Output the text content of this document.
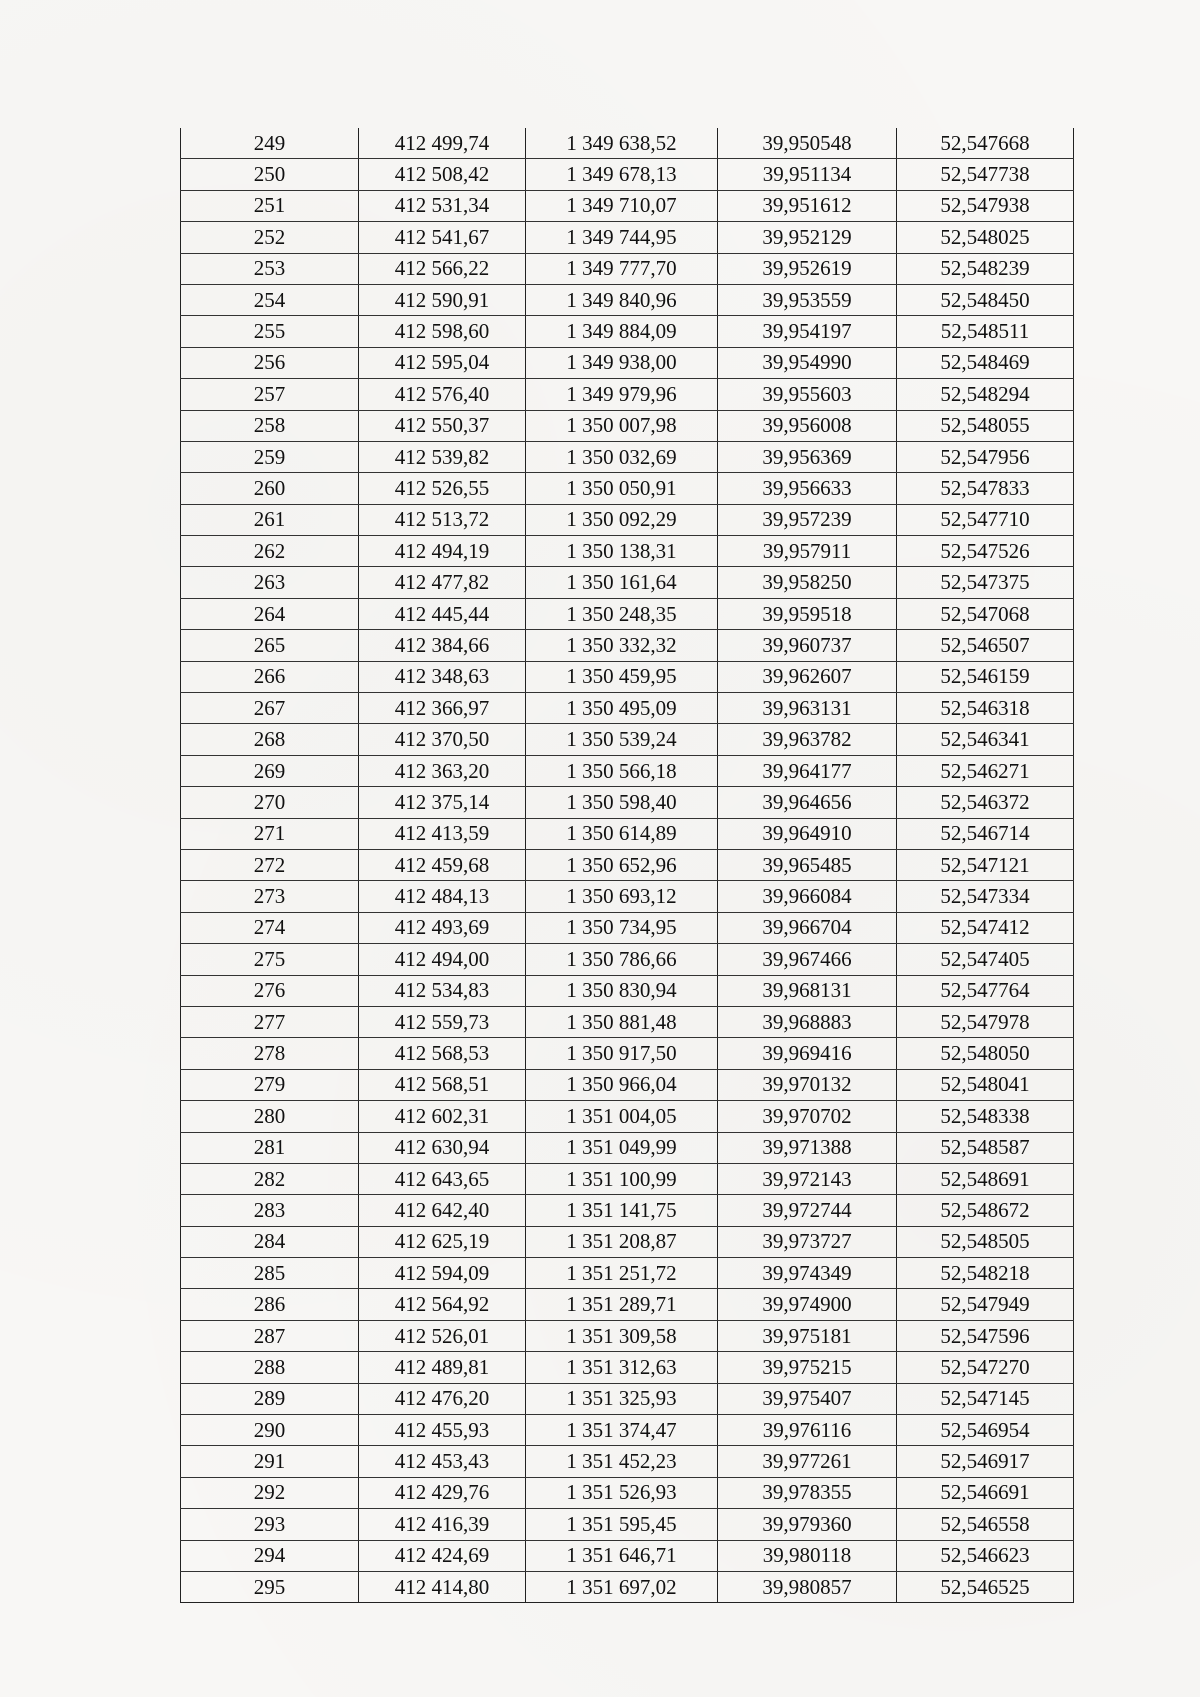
249	412 499,74	1 349 638,52	39,950548	52,547668
250	412 508,42	1 349 678,13	39,951134	52,547738
251	412 531,34	1 349 710,07	39,951612	52,547938
252	412 541,67	1 349 744,95	39,952129	52,548025
253	412 566,22	1 349 777,70	39,952619	52,548239
254	412 590,91	1 349 840,96	39,953559	52,548450
255	412 598,60	1 349 884,09	39,954197	52,548511
256	412 595,04	1 349 938,00	39,954990	52,548469
257	412 576,40	1 349 979,96	39,955603	52,548294
258	412 550,37	1 350 007,98	39,956008	52,548055
259	412 539,82	1 350 032,69	39,956369	52,547956
260	412 526,55	1 350 050,91	39,956633	52,547833
261	412 513,72	1 350 092,29	39,957239	52,547710
262	412 494,19	1 350 138,31	39,957911	52,547526
263	412 477,82	1 350 161,64	39,958250	52,547375
264	412 445,44	1 350 248,35	39,959518	52,547068
265	412 384,66	1 350 332,32	39,960737	52,546507
266	412 348,63	1 350 459,95	39,962607	52,546159
267	412 366,97	1 350 495,09	39,963131	52,546318
268	412 370,50	1 350 539,24	39,963782	52,546341
269	412 363,20	1 350 566,18	39,964177	52,546271
270	412 375,14	1 350 598,40	39,964656	52,546372
271	412 413,59	1 350 614,89	39,964910	52,546714
272	412 459,68	1 350 652,96	39,965485	52,547121
273	412 484,13	1 350 693,12	39,966084	52,547334
274	412 493,69	1 350 734,95	39,966704	52,547412
275	412 494,00	1 350 786,66	39,967466	52,547405
276	412 534,83	1 350 830,94	39,968131	52,547764
277	412 559,73	1 350 881,48	39,968883	52,547978
278	412 568,53	1 350 917,50	39,969416	52,548050
279	412 568,51	1 350 966,04	39,970132	52,548041
280	412 602,31	1 351 004,05	39,970702	52,548338
281	412 630,94	1 351 049,99	39,971388	52,548587
282	412 643,65	1 351 100,99	39,972143	52,548691
283	412 642,40	1 351 141,75	39,972744	52,548672
284	412 625,19	1 351 208,87	39,973727	52,548505
285	412 594,09	1 351 251,72	39,974349	52,548218
286	412 564,92	1 351 289,71	39,974900	52,547949
287	412 526,01	1 351 309,58	39,975181	52,547596
288	412 489,81	1 351 312,63	39,975215	52,547270
289	412 476,20	1 351 325,93	39,975407	52,547145
290	412 455,93	1 351 374,47	39,976116	52,546954
291	412 453,43	1 351 452,23	39,977261	52,546917
292	412 429,76	1 351 526,93	39,978355	52,546691
293	412 416,39	1 351 595,45	39,979360	52,546558
294	412 424,69	1 351 646,71	39,980118	52,546623
295	412 414,80	1 351 697,02	39,980857	52,546525
